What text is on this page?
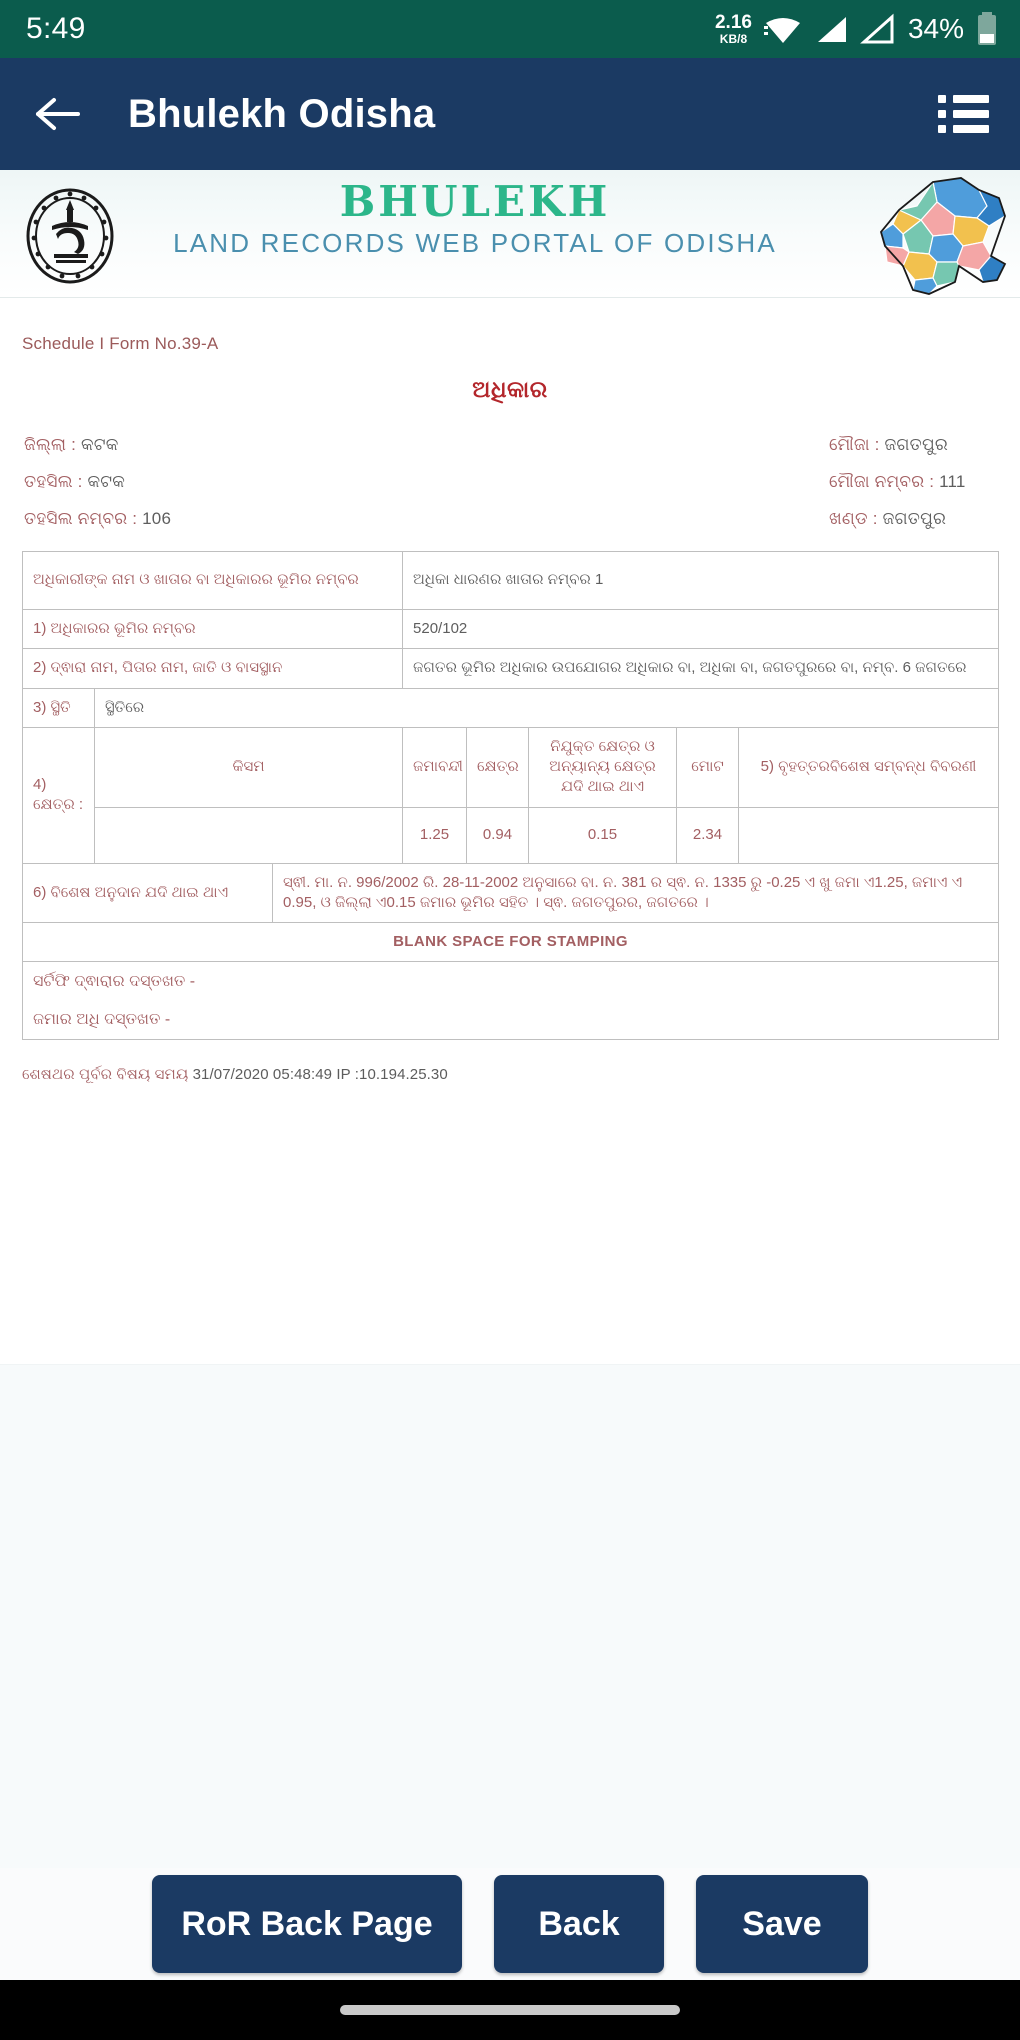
5:49	2.16
KB/8	34%
Bhulekh Odisha
BHULEKH
LAND RECORDS WEB PORTAL OF ODISHA
Schedule I Form No.39-A
ଅଧିକାର
ଜିଲ୍ଲା : କଟକ	ମୌଜା : ଜଗତପୁର
ତହସିଲ : କଟକ	ମୌଜା ନମ୍ବର : 111
ତହସିଲ ନମ୍ବର : 106	ଖଣ୍ଡ : ଜଗତପୁର
ଅଧିକାରୀଙ୍କ ନାମ ଓ ଖାତାର ବା ଅଧିକାରର ଭୂମିର ନମ୍ବର			ଅଧିକା ଧାରଣର ଖାତାର ନମ୍ବର 1				
1) ଅଧିକାରର ଭୂମିର ନମ୍ବର			520/102				
2) ଦ୍ଵାରା ନାମ, ପିତାର ନାମ, ଜାତି ଓ ବାସସ୍ଥାନ			ଜଗତର ଭୂମିର ଅଧିକାର ଉପଯୋଗର ଅଧିକାର ବା, ଅଧିକା ବା, ଜଗତପୁରରେ ବା, ନମ୍ବ. 6 ଜଗତରେ				
3) ସ୍ଥିତି	ସ୍ଥିତିରେ						
4) କ୍ଷେତ୍ର :	କିସମ		ଜମାବନ୍ଦୀ	କ୍ଷେତ୍ର	ନିଯୁକ୍ତ କ୍ଷେତ୍ର ଓ ଅନ୍ୟାନ୍ୟ କ୍ଷେତ୍ର ଯଦି ଥାଇ ଥାଏ	ମୋଟ	5) ବୃହତ୍ତରବିଶେଷ ସମ୍ବନ୍ଧ ବିବରଣୀ
			1.25	0.94	0.15	2.34	
6) ବିଶେଷ ଅନୁଦାନ ଯଦି ଥାଇ ଥାଏ		ସ୍ଵୀ. ମା. ନ. 996/2002 ରି. 28-11-2002 ଅନୁସାରେ ବା. ନ. 381 ର ସ୍ଵ. ନ. 1335 ରୁ -0.25 ଏ ଖୁ ଜମା ଏ1.25, ଜମାଏ ଏ 0.95, ଓ ଜିଲ୍ଲା ଏ0.15 ଜମାର ଭୂମିର ସହିତ । ସ୍ଵ. ଜଗତପୁରର, ଜଗତରେ ।					
BLANK SPACE FOR STAMPING							

ସର୍ଟିଫି ଦ୍ଵାରାର ଦସ୍ତଖତ -
ଜମାର ଅଧି ଦସ୍ତଖତ -							
ଶେଷଥର ପୂର୍ବର ବିଷୟ ସମୟ 31/07/2020 05:48:49 IP :10.194.25.30
RoR Back Page	Back	Save
